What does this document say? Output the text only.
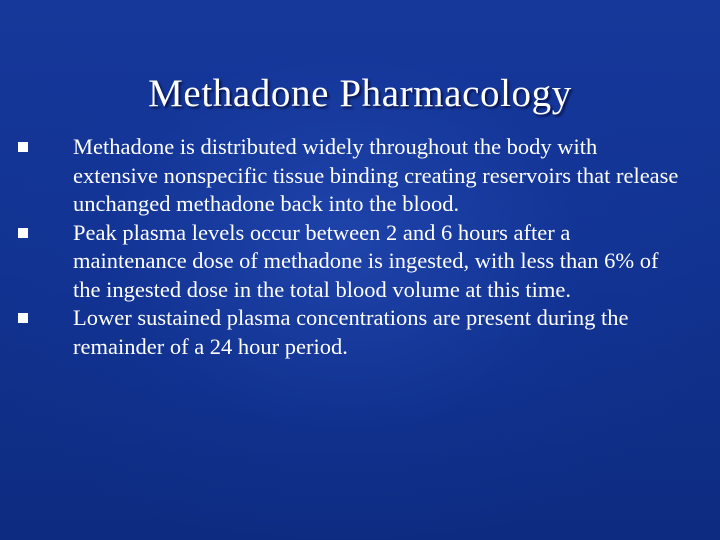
Methadone Pharmacology
Methadone is distributed widely throughout the body with extensive nonspecific tissue binding creating reservoirs that release unchanged methadone back into the blood.
Peak plasma levels occur between 2 and 6 hours after a maintenance dose of methadone is ingested, with less than 6% of the ingested dose in the total blood volume at this time.
Lower sustained plasma concentrations are present during the remainder of a 24 hour period.
